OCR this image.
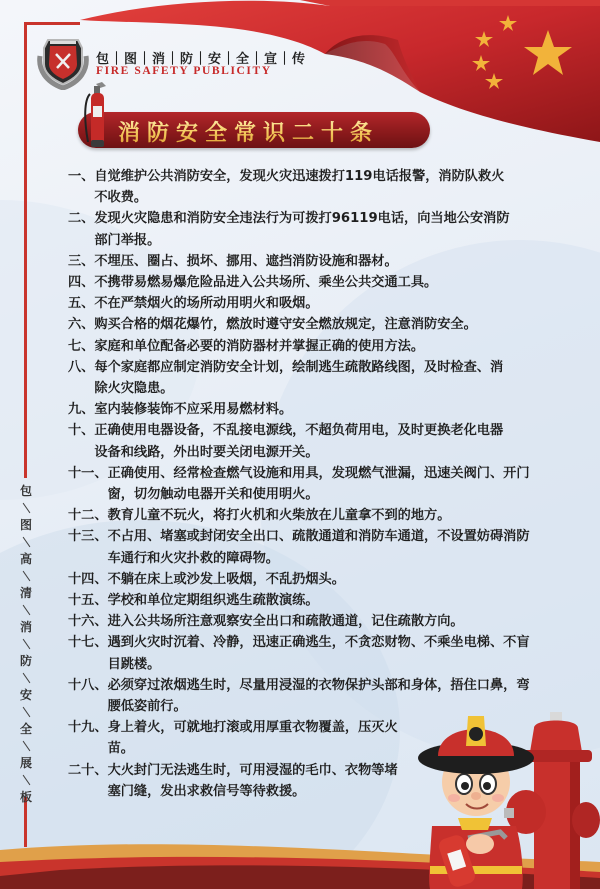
包
图
高
清
消
防
安
全
展
板
包｜图｜消｜防｜安｜全｜宣｜传
FIRE SAFETY PUBLICITY
消防安全常识二十条
一、 自觉维护公共消防安全，发现火灾迅速拨打119电话报警，消防队救火不收费。
二、 发现火灾隐患和消防安全违法行为可拨打96119电话，向当地公安消防部门举报。
三、 不埋压、圈占、损坏、挪用、遮挡消防设施和器材。
四、 不携带易燃易爆危险品进入公共场所、乘坐公共交通工具。
五、 不在严禁烟火的场所动用明火和吸烟。
六、 购买合格的烟花爆竹，燃放时遵守安全燃放规定，注意消防安全。
七、 家庭和单位配备必要的消防器材并掌握正确的使用方法。
八、 每个家庭都应制定消防安全计划，绘制逃生疏散路线图，及时检查、消除火灾隐患。
九、 室内装修装饰不应采用易燃材料。
十、 正确使用电器设备，不乱接电源线，不超负荷用电，及时更换老化电器设备和线路，外出时要关闭电源开关。
十一、 正确使用、经常检查燃气设施和用具，发现燃气泄漏，迅速关阀门、开门窗，切勿触动电器开关和使用明火。
十二、 教育儿童不玩火，将打火机和火柴放在儿童拿不到的地方。
十三、 不占用、堵塞或封闭安全出口、疏散通道和消防车通道，不设置妨碍消防车通行和火灾扑救的障碍物。
十四、 不躺在床上或沙发上吸烟，不乱扔烟头。
十五、 学校和单位定期组织逃生疏散演练。
十六、 进入公共场所注意观察安全出口和疏散通道，记住疏散方向。
十七、 遇到火灾时沉着、冷静，迅速正确逃生，不贪恋财物、不乘坐电梯、不盲目跳楼。
十八、 必须穿过浓烟逃生时，尽量用浸湿的衣物保护头部和身体，捂住口鼻，弯腰低姿前行。
十九、 身上着火，可就地打滚或用厚重衣物覆盖，压灭火苗。
二十、 大火封门无法逃生时，可用浸湿的毛巾、衣物等堵塞门缝，发出求救信号等待救援。
